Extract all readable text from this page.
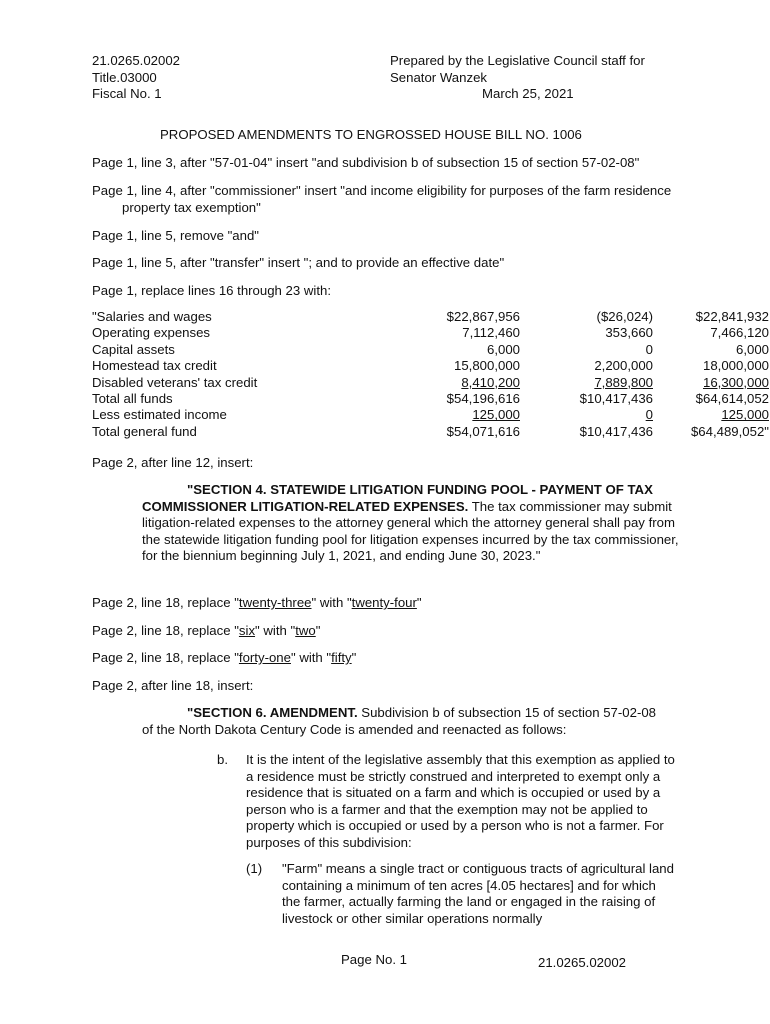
21.0265.02002
Title.03000
Fiscal No. 1
Prepared by the Legislative Council staff for
Senator Wanzek
March 25, 2021
PROPOSED AMENDMENTS TO ENGROSSED HOUSE BILL NO. 1006
Page 1, line 3, after "57-01-04" insert "and subdivision b of subsection 15 of section 57-02-08"
Page 1, line 4, after "commissioner" insert "and income eligibility for purposes of the farm residence property tax exemption"
Page 1, line 5, remove "and"
Page 1, line 5, after "transfer" insert "; and to provide an effective date"
Page 1, replace lines 16 through 23 with:
"Salaries and wages	$22,867,956	($26,024)	$22,841,932
Operating expenses	7,112,460	353,660	7,466,120
Capital assets	6,000	0	6,000
Homestead tax credit	15,800,000	2,200,000	18,000,000
Disabled veterans' tax credit	8,410,200	7,889,800	16,300,000
Total all funds	$54,196,616	$10,417,436	$64,614,052
Less estimated income	125,000	0	125,000
Total general fund	$54,071,616	$10,417,436	$64,489,052"
Page 2, after line 12, insert:
"SECTION 4. STATEWIDE LITIGATION FUNDING POOL - PAYMENT OF TAX COMMISSIONER LITIGATION-RELATED EXPENSES. The tax commissioner may submit litigation-related expenses to the attorney general which the attorney general shall pay from the statewide litigation funding pool for litigation expenses incurred by the tax commissioner, for the biennium beginning July 1, 2021, and ending June 30, 2023."
Page 2, line 18, replace "twenty-three" with "twenty-four"
Page 2, line 18, replace "six" with "two"
Page 2, line 18, replace "forty-one" with "fifty"
Page 2, after line 18, insert:
"SECTION 6. AMENDMENT. Subdivision b of subsection 15 of section 57-02-08 of the North Dakota Century Code is amended and reenacted as follows:
b. It is the intent of the legislative assembly that this exemption as applied to a residence must be strictly construed and interpreted to exempt only a residence that is situated on a farm and which is occupied or used by a person who is a farmer and that the exemption may not be applied to property which is occupied or used by a person who is not a farmer. For purposes of this subdivision:
(1) "Farm" means a single tract or contiguous tracts of agricultural land containing a minimum of ten acres [4.05 hectares] and for which the farmer, actually farming the land or engaged in the raising of livestock or other similar operations normally
Page No. 1	21.0265.02002
